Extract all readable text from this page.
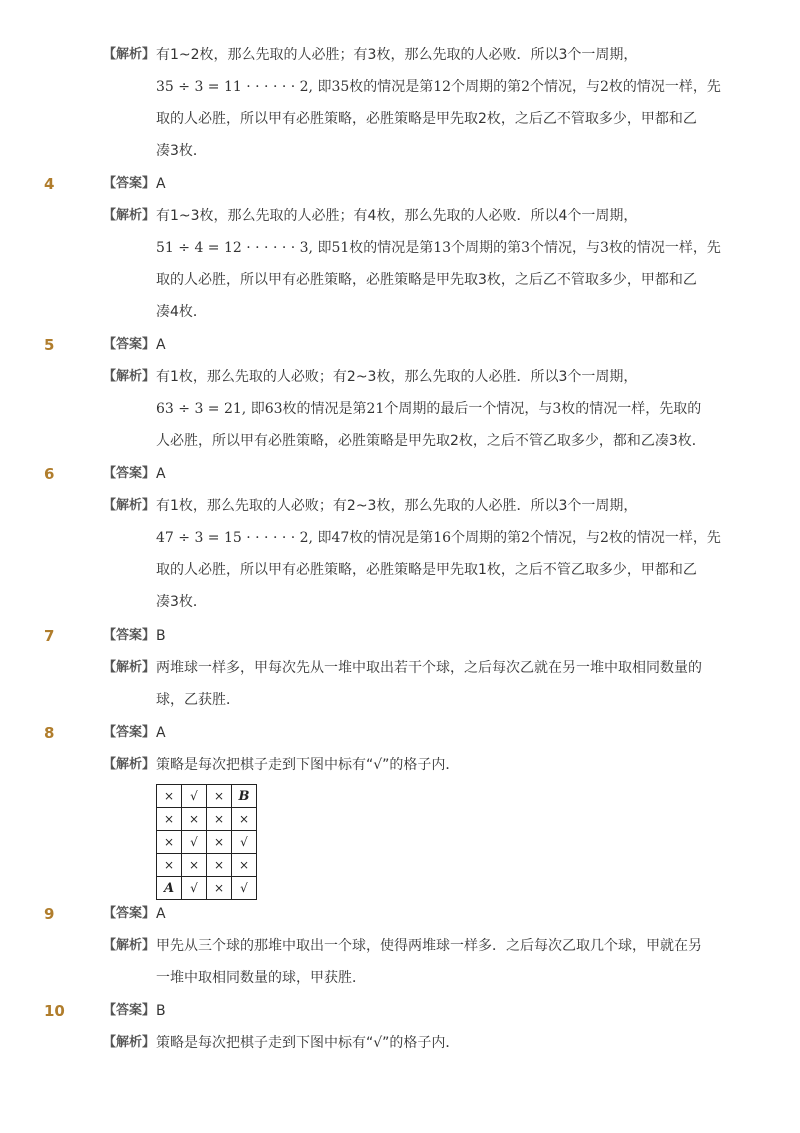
【解析】 有1~2枚，那么先取的人必胜；有3枚，那么先取的人必败．所以3个一周期，
35 ÷ 3 = 11 · · · · · · 2, 即35枚的情况是第12个周期的第2个情况，与2枚的情况一样，先
取的人必胜，所以甲有必胜策略，必胜策略是甲先取2枚，之后乙不管取多少，甲都和乙
凑3枚．
4	【答案】 A
【解析】 有1~3枚，那么先取的人必胜；有4枚，那么先取的人必败．所以4个一周期，
51 ÷ 4 = 12 · · · · · · 3, 即51枚的情况是第13个周期的第3个情况，与3枚的情况一样，先
取的人必胜，所以甲有必胜策略，必胜策略是甲先取3枚，之后乙不管取多少，甲都和乙
凑4枚．
5	【答案】 A
【解析】 有1枚，那么先取的人必败；有2~3枚，那么先取的人必胜．所以3个一周期，
63 ÷ 3 = 21, 即63枚的情况是第21个周期的最后一个情况，与3枚的情况一样，先取的
人必胜，所以甲有必胜策略，必胜策略是甲先取2枚，之后不管乙取多少，都和乙凑3枚．
6	【答案】 A
【解析】 有1枚，那么先取的人必败；有2~3枚，那么先取的人必胜．所以3个一周期，
47 ÷ 3 = 15 · · · · · · 2, 即47枚的情况是第16个周期的第2个情况，与2枚的情况一样，先
取的人必胜，所以甲有必胜策略，必胜策略是甲先取1枚，之后不管乙取多少，甲都和乙
凑3枚．
7	【答案】 B
【解析】 两堆球一样多，甲每次先从一堆中取出若干个球，之后每次乙就在另一堆中取相同数量的
球，乙获胜．
8	【答案】 A
【解析】 策略是每次把棋子走到下图中标有“√”的格子内．
×	√	×	B
×	×	×	×
×	√	×	√
×	×	×	×
A	√	×	√
9	【答案】 A
【解析】 甲先从三个球的那堆中取出一个球，使得两堆球一样多．之后每次乙取几个球，甲就在另
一堆中取相同数量的球，甲获胜．
10	【答案】 B
【解析】 策略是每次把棋子走到下图中标有“√”的格子内．
